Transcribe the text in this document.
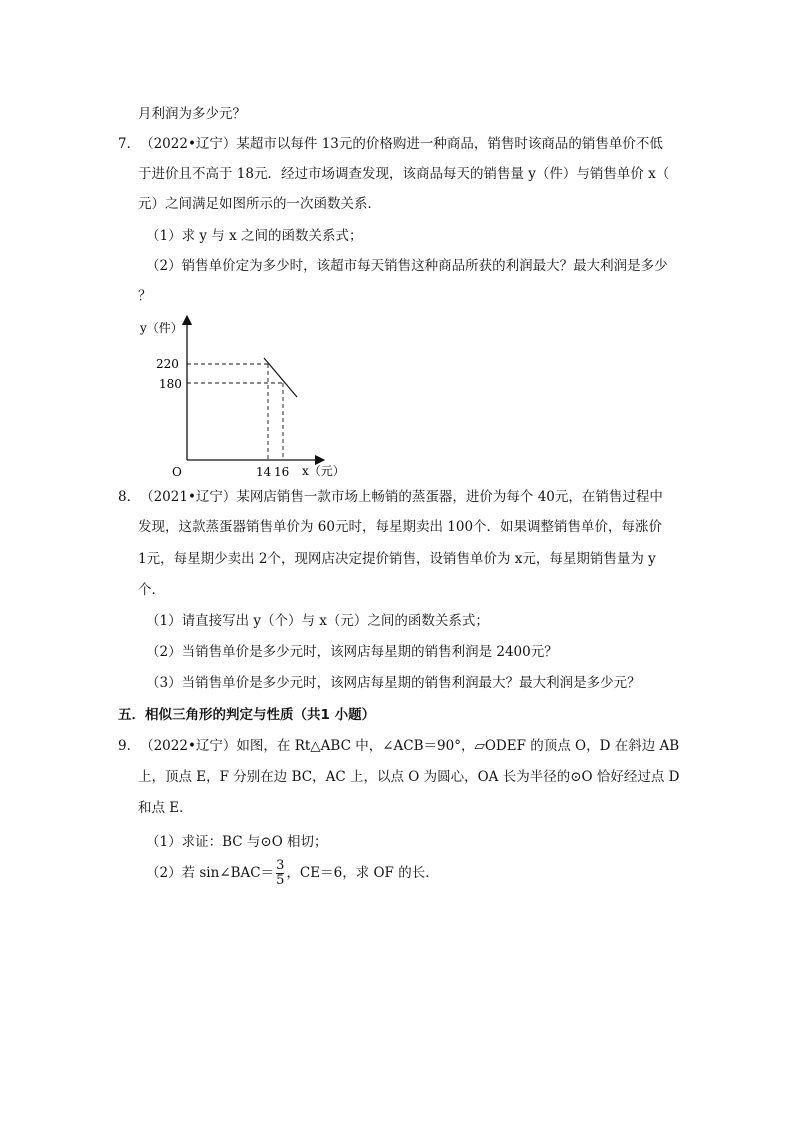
月利润为多少元？
7．（2022•辽宁）某超市以每件 13元的价格购进一种商品，销售时该商品的销售单价不低
于进价且不高于 18元．经过市场调查发现，该商品每天的销售量 y（件）与销售单价 x（
元）之间满足如图所示的一次函数关系．
（1）求 y 与 x 之间的函数关系式；
（2）销售单价定为多少时，该超市每天销售这种商品所获的利润最大？最大利润是多少
？
y（件）
x（元）
O
220
180
14 16
8．（2021•辽宁）某网店销售一款市场上畅销的蒸蛋器，进价为每个 40元，在销售过程中
发现，这款蒸蛋器销售单价为 60元时，每星期卖出 100个．如果调整销售单价，每涨价
1元，每星期少卖出 2个，现网店决定提价销售，设销售单价为 x元，每星期销售量为 y
个．
（1）请直接写出 y（个）与 x（元）之间的函数关系式；
（2）当销售单价是多少元时，该网店每星期的销售利润是 2400元？
（3）当销售单价是多少元时，该网店每星期的销售利润最大？最大利润是多少元？
五．相似三角形的判定与性质（共1 小题）
9．（2022•辽宁）如图，在 Rt△ABC 中，∠ACB＝90°，▱ODEF 的顶点 O，D 在斜边 AB
上，顶点 E，F 分别在边 BC，AC 上，以点 O 为圆心，OA 长为半径的⊙O 恰好经过点 D
和点 E．
（1）求证：BC 与⊙O 相切；
（2）若 sin∠BAC＝ $\frac{3}{5}$ ，CE＝6，求 OF 的长．
